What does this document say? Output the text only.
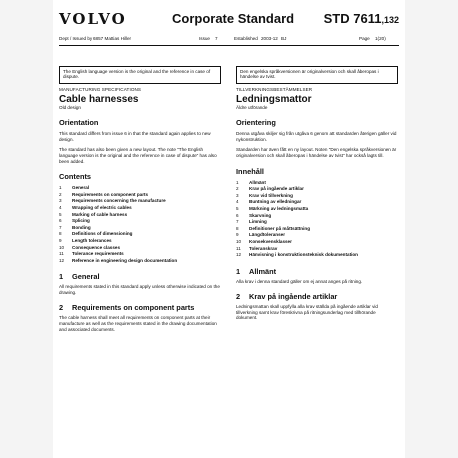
VOLVO	Corporate Standard STD 7611,132
Dept / Issued by 6857 Mattias Hiller	Issue 7	Established 2003-12 BJ	Page 1(20)
The English language version is the original and the reference in case of dispute.
MANUFACTURING SPECIFICATIONS
Cable harnesses
Old design
Orientation

This standard differs from issue 6 in that the standard again applies to new design.

The standard has also been given a new layout. The note "The English language version is the original and the reference in case of dispute" has also been added.

Contents
1	General
2	Requirements on component parts
3	Requirements concerning the manufacture
4	Wrapping of electric cables
5	Marking of cable harness
6	Splicing
7	Bonding
8	Definitions of dimensioning
9	Length tolerances
10	Consequence classes
11	Tolerance requirements
12	Reference in engineering design documentation
1	General

All requirements stated in this standard apply unless otherwise indicated on the drawing.

2	Requirements on component parts

The cable harness shall meet all requirements on component parts at their manufacture as well as the requirements stated in the drawing documentation and associated documents.

Den engelska språkversionen är originalversion och skall åberopas i händelse av tvist.
TILLVERKNINGSBESTÄMMELSER
Ledningsmattor
Äldre utförande
Orientering

Denna utgåva skiljer sig från utgåva 6 genom att standarden återigen gäller vid nykonstruktion.

Standarden har även fått en ny layout. Noten "Den engelska språkversionen är originalversion och skall åberopas i händelse av tvist" har också lagts till.

Innehåll
1	Allmänt
2	Krav på ingående artiklar
3	Krav vid tillverkning
4	Buntning av elledningar
5	Märkning av ledningsmatta
6	Skarvning
7	Limning
8	Definitioner på måttsättning
9	Längdtoleranser
10	Konsekvensklasser
11	Toleranskrav
12	Hänvisning i konstruktionsteknisk dokumentation
1	Allmänt

Alla krav i denna standard gäller om ej annat anges på ritning.

2	Krav på ingående artiklar

Ledningsmattan skall uppfylla alla krav ställda på ingående artiklar vid tillverkning samt krav föreskrivna på ritningsunderlag med tillhörande dokument.
